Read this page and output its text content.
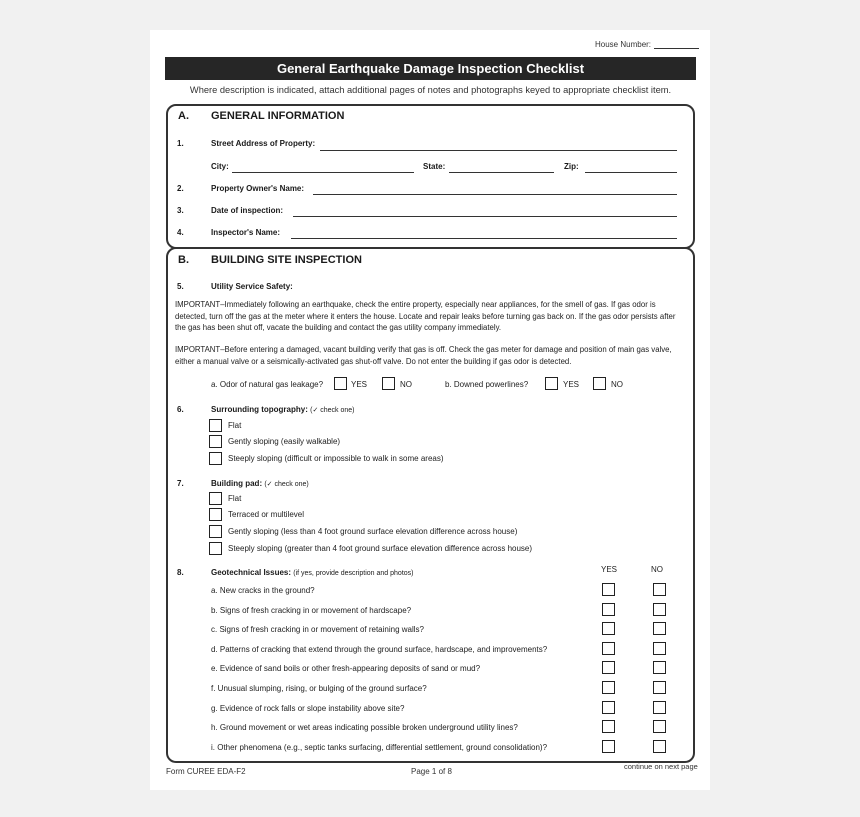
House Number:
General Earthquake Damage Inspection Checklist
Where description is indicated, attach additional pages of notes and photographs keyed to appropriate checklist item.
A. GENERAL INFORMATION
1.	Street Address of Property:
City:	State:	Zip:
2.	Property Owner's Name:
3.	Date of inspection:
4.	Inspector's Name:
B. BUILDING SITE INSPECTION
5.	Utility Service Safety:
IMPORTANT–Immediately following an earthquake, check the entire property, especially near appliances, for the smell of gas. If gas odor is detected, turn off the gas at the meter where it enters the house. Locate and repair leaks before turning gas back on. If the gas odor persists after the gas has been shut off, vacate the building and contact the gas utility company immediately.
IMPORTANT–Before entering a damaged, vacant building verify that gas is off. Check the gas meter for damage and position of main gas valve, either a manual valve or a seismically-activated gas shut-off valve. Do not enter the building if gas odor is detected.
a. Odor of natural gas leakage?	YES	NO	b. Downed powerlines?	YES	NO
6.	Surrounding topography: (✓ check one)
Flat
Gently sloping (easily walkable)
Steeply sloping (difficult or impossible to walk in some areas)
7.	Building pad: (✓ check one)
Flat
Terraced or multilevel
Gently sloping (less than 4 foot ground surface elevation difference across house)
Steeply sloping (greater than 4 foot ground surface elevation difference across house)
8.	Geotechnical Issues: (if yes, provide description and photos)	YES	NO
a. New cracks in the ground?
b. Signs of fresh cracking in or movement of hardscape?
c. Signs of fresh cracking in or movement of retaining walls?
d. Patterns of cracking that extend through the ground surface, hardscape, and improvements?
e. Evidence of sand boils or other fresh-appearing deposits of sand or mud?
f. Unusual slumping, rising, or bulging of the ground surface?
g. Evidence of rock falls or slope instability above site?
h. Ground movement or wet areas indicating possible broken underground utility lines?
i. Other phenomena (e.g., septic tanks surfacing, differential settlement, ground consolidation)?
Form CUREE EDA-F2	Page 1 of 8
continue on next page
